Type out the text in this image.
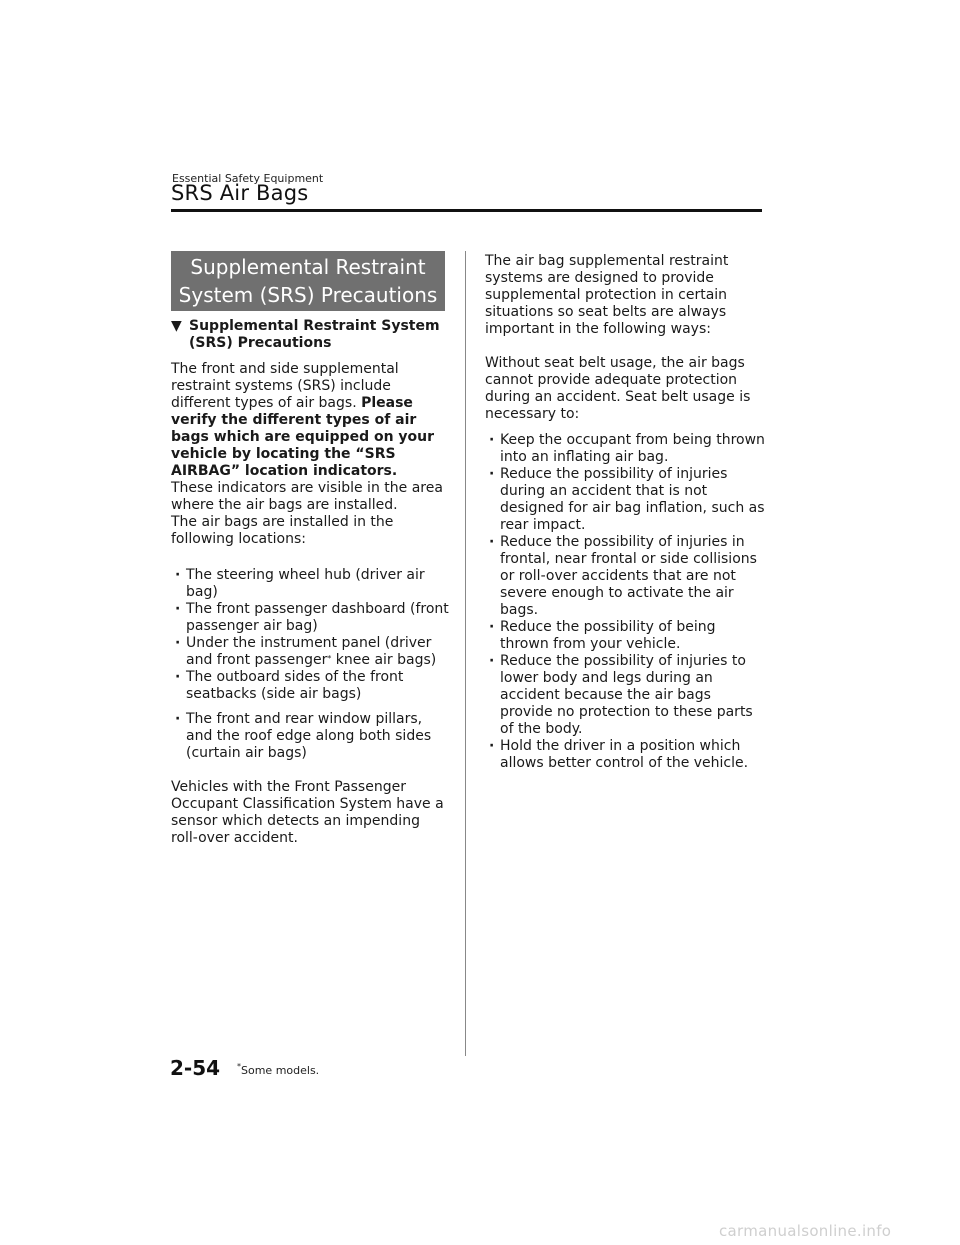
Essential Safety Equipment
SRS Air Bags
Supplemental Restraint
System (SRS) Precautions
▼ Supplemental Restraint System
(SRS) Precautions

The front and side supplemental restraint systems (SRS) include different types of air bags. Please verify the different types of air bags which are equipped on your vehicle by locating the “SRS AIRBAG” location indicators.

These indicators are visible in the area where the air bags are installed.

The air bags are installed in the following locations:

· The steering wheel hub (driver air bag)
· The front passenger dashboard (front passenger air bag)
· Under the instrument panel (driver and front passenger* knee air bags)
· The outboard sides of the front seatbacks (side air bags)
· The front and rear window pillars, and the roof edge along both sides (curtain air bags)

Vehicles with the Front Passenger Occupant Classification System have a sensor which detects an impending roll-over accident.

The air bag supplemental restraint systems are designed to provide supplemental protection in certain situations so seat belts are always important in the following ways:

Without seat belt usage, the air bags cannot provide adequate protection during an accident. Seat belt usage is necessary to:

· Keep the occupant from being thrown into an inflating air bag.
· Reduce the possibility of injuries during an accident that is not designed for air bag inflation, such as rear impact.
· Reduce the possibility of injuries in frontal, near frontal or side collisions or roll-over accidents that are not severe enough to activate the air bags.
· Reduce the possibility of being thrown from your vehicle.
· Reduce the possibility of injuries to lower body and legs during an accident because the air bags provide no protection to these parts of the body.
· Hold the driver in a position which allows better control of the vehicle.
2-54 *Some models.
carmanualsonline.info
